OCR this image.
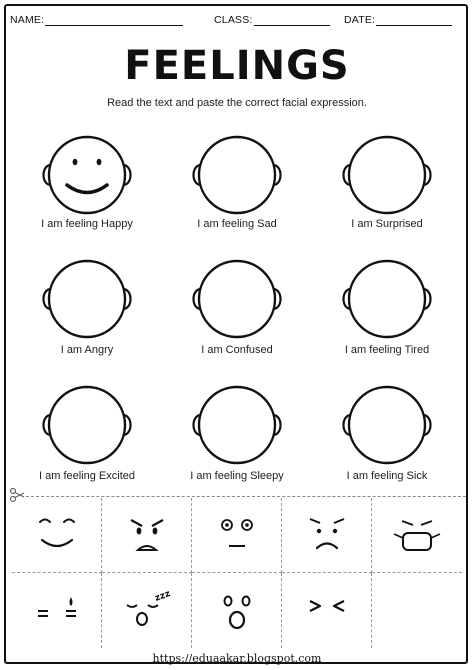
NAME:	CLASS:	DATE:
FEELINGS
Read the text and paste the correct facial expression.
I am feeling Happy	I am feeling Sad	I am Surprised
I am Angry	I am Confused	I am feeling Tired
I am feeling Excited	I am feeling Sleepy	I am feeling Sick
zzz
https://eduaakar.blogspot.com
